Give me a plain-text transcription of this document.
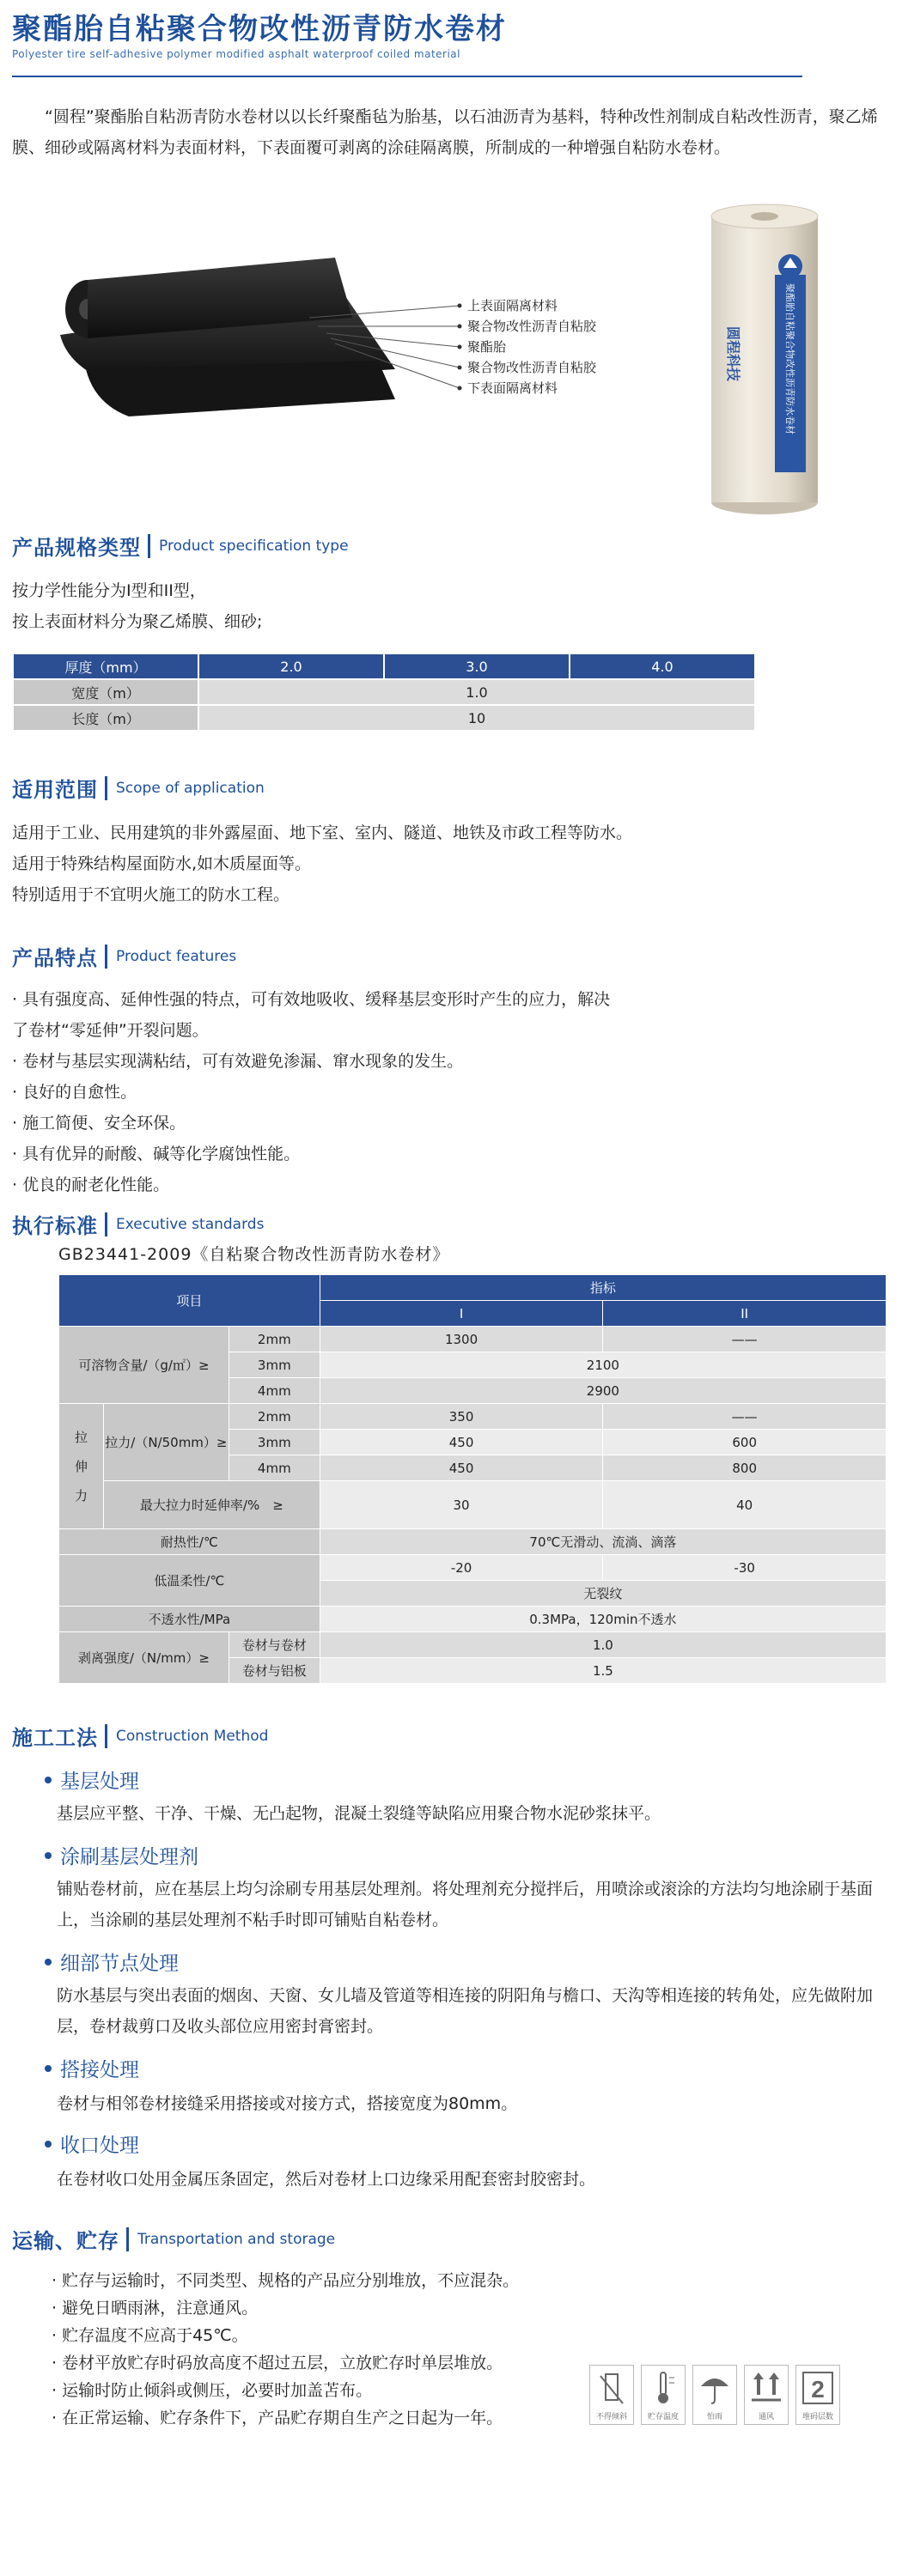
聚酯胎自粘聚合物改性沥青防水卷材
Polyester tire self-adhesive polymer modified asphalt waterproof coiled material
“圆程”聚酯胎自粘沥青防水卷材以以长纤聚酯毡为胎基，以石油沥青为基料，特种改性剂制成自粘改性沥青，聚乙烯膜、细砂或隔离材料为表面材料，下表面覆可剥离的涂硅隔离膜，所制成的一种增强自粘防水卷材。
上表面隔离材料
聚合物改性沥青自粘胶
聚酯胎
聚合物改性沥青自粘胶
下表面隔离材料
圆程科技	聚酯胎自粘聚合物改性沥青防水卷材
产品规格类型 Product specification type
按力学性能分为I型和II型，
按上表面材料分为聚乙烯膜、细砂;
厚度（mm）	2.0	3.0	4.0
宽度（m）	1.0		
长度（m）	10		
适用范围 Scope of application
适用于工业、民用建筑的非外露屋面、地下室、室内、隧道、地铁及市政工程等防水。
适用于特殊结构屋面防水,如木质屋面等。
特别适用于不宜明火施工的防水工程。
产品特点 Product features
· 具有强度高、延伸性强的特点，可有效地吸收、缓释基层变形时产生的应力，解决
了卷材“零延伸”开裂问题。
· 卷材与基层实现满粘结，可有效避免渗漏、窜水现象的发生。
· 良好的自愈性。
· 施工简便、安全环保。
· 具有优异的耐酸、碱等化学腐蚀性能。
· 优良的耐老化性能。
执行标准 Executive standards
GB23441-2009《自粘聚合物改性沥青防水卷材》
项目			指标	
			I	II
可溶物含量/（g/㎡）≥		2mm	1300	——
		3mm	2100	
		4mm	2900	

拉
伸
力	拉力/（N/50mm）≥	2mm	350	——
		3mm	450	600
		4mm	450	800
	最大拉力时延伸率/%　≥		30	40
耐热性/℃			70℃无滑动、流淌、滴落	
低温柔性/℃			-20	-30
			无裂纹	
不透水性/MPa			0.3MPa，120min不透水	
剥离强度/（N/mm）≥		卷材与卷材	1.0	
		卷材与铝板	1.5	
施工工法 Construction Method
基层处理
基层应平整、干净、干燥、无凸起物，混凝土裂缝等缺陷应用聚合物水泥砂浆抹平。
涂刷基层处理剂
铺贴卷材前，应在基层上均匀涂刷专用基层处理剂。将处理剂充分搅拌后，用喷涂或滚涂的方法均匀地涂刷于基面上，当涂刷的基层处理剂不粘手时即可铺贴自粘卷材。
细部节点处理
防水基层与突出表面的烟囱、天窗、女儿墙及管道等相连接的阴阳角与檐口、天沟等相连接的转角处，应先做附加层，卷材裁剪口及收头部位应用密封膏密封。
搭接处理
卷材与相邻卷材接缝采用搭接或对接方式，搭接宽度为80mm。
收口处理
在卷材收口处用金属压条固定，然后对卷材上口边缘采用配套密封胶密封。
运输、贮存 Transportation and storage
· 贮存与运输时，不同类型、规格的产品应分别堆放，不应混杂。
· 避免日晒雨淋，注意通风。
· 贮存温度不应高于45℃。
· 卷材平放贮存时码放高度不超过五层，立放贮存时单层堆放。
· 运输时防止倾斜或侧压，必要时加盖苫布。
· 在正常运输、贮存条件下，产品贮存期自生产之日起为一年。	不得倾斜	贮存温度	怕雨	通风
2
堆码层数
